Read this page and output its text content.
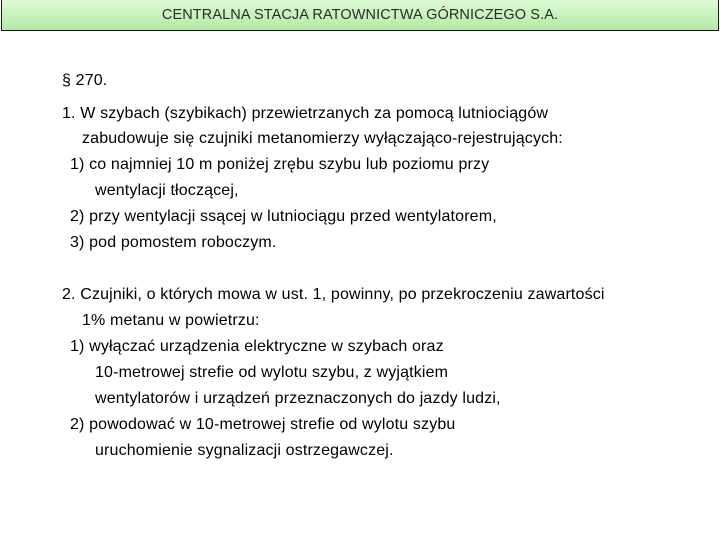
CENTRALNA STACJA RATOWNICTWA GÓRNICZEGO S.A.
§ 270.
1. W szybach (szybikach) przewietrzanych za pomocą lutniociągów
zabudowuje się czujniki metanomierzy wyłączająco-rejestrujących:
1) co najmniej 10 m poniżej zrębu szybu lub poziomu przy
wentylacji tłoczącej,
2) przy wentylacji ssącej w lutniociągu przed wentylatorem,
3) pod pomostem roboczym.
2. Czujniki, o których mowa w ust. 1, powinny, po przekroczeniu zawartości
1% metanu w powietrzu:
1) wyłączać urządzenia elektryczne w szybach oraz
10-metrowej strefie od wylotu szybu, z wyjątkiem
wentylatorów i urządzeń przeznaczonych do jazdy ludzi,
2) powodować w 10-metrowej strefie od wylotu szybu
uruchomienie sygnalizacji ostrzegawczej.
